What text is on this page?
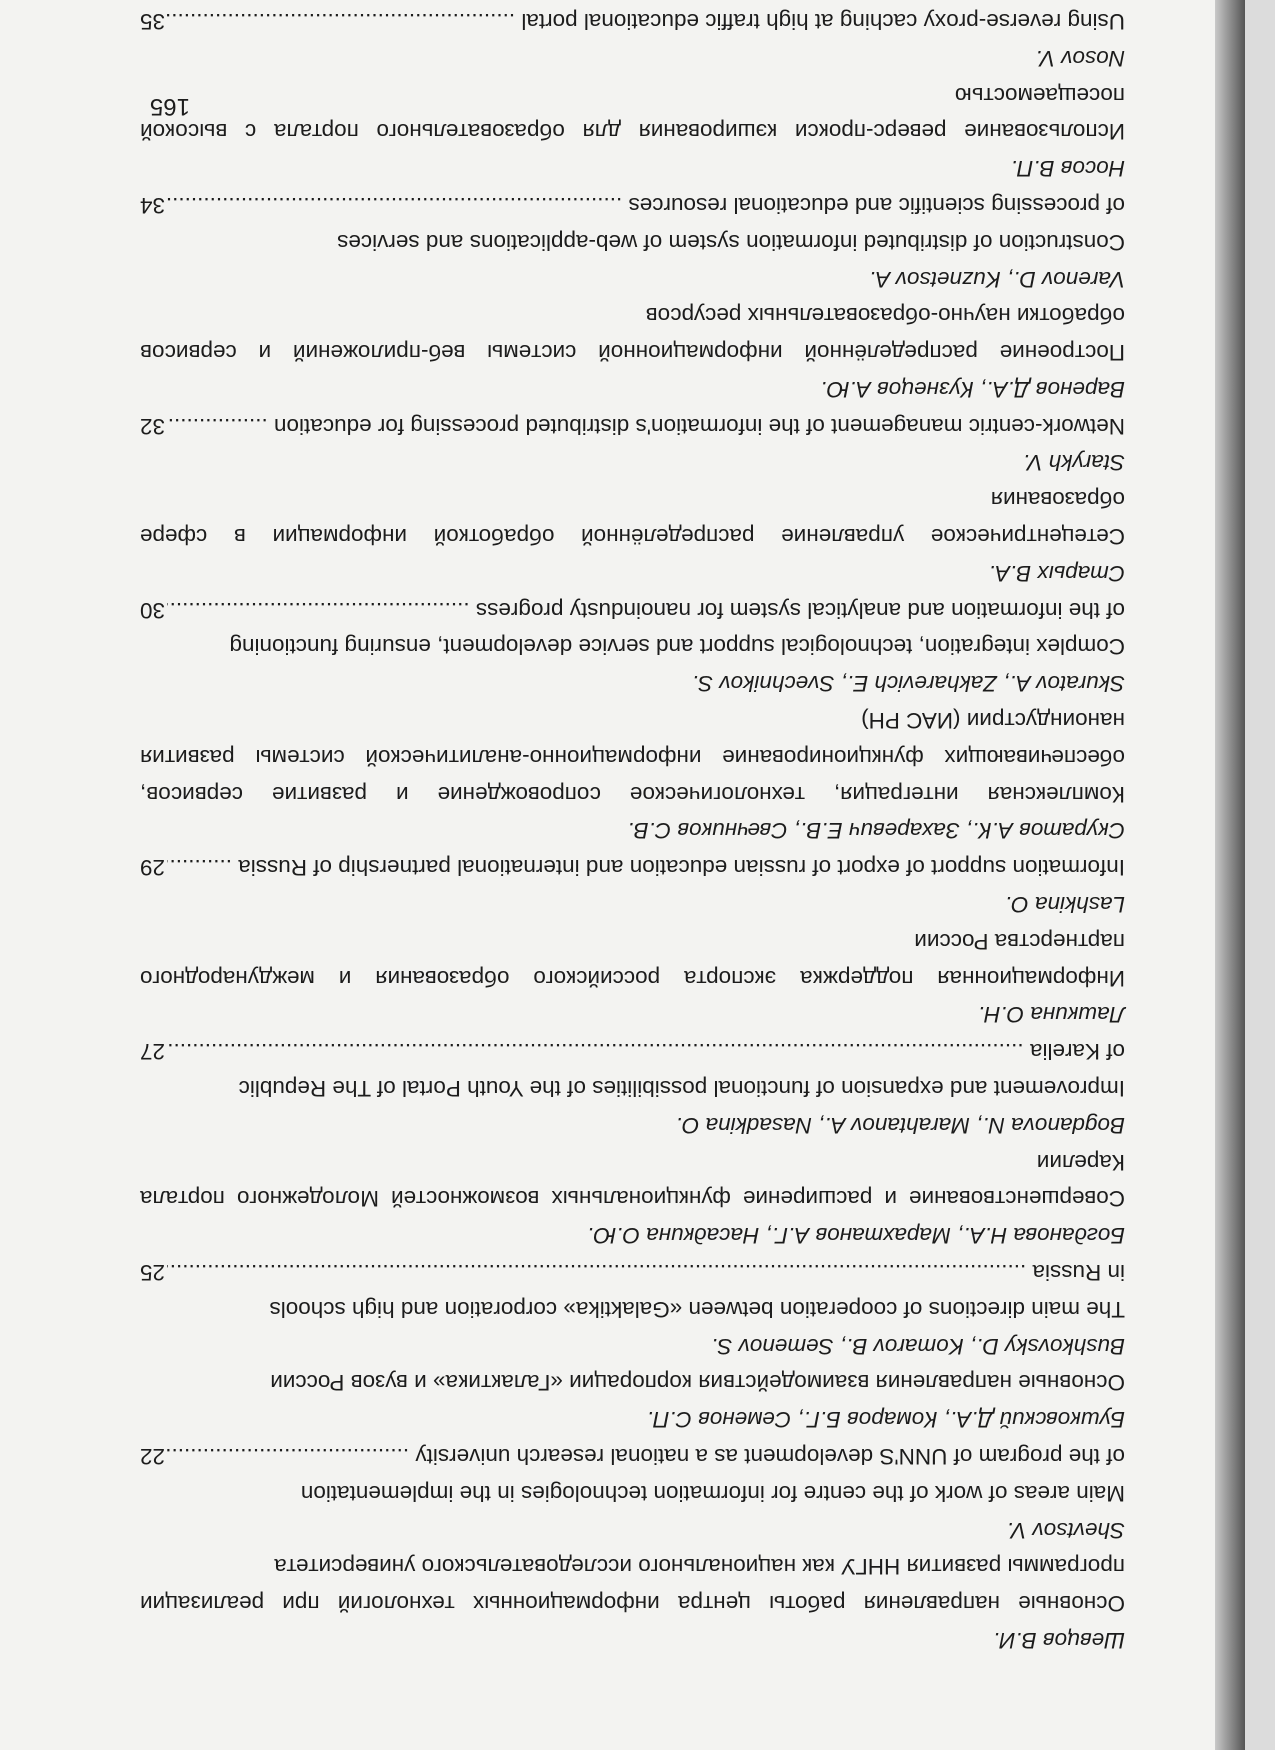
Шевцов В.И.
Основные направления работы центра информационных технологий при реализации программы развития ННГУ как национального исследовательского университета
Shevtsov V.
Main areas of work of the centre for information technologies in the implementation
of the program of UNN'S development as a national research university .....
22
Бушковский Д.А., Комаров Б.Г., Семенов С.П.
Основные направления взаимодействия корпорации «Галактика» и вузов России
Bushkovsky D., Komarov B., Semenov S.
The main directions of cooperation between «Galaktika» corporation and high schools
in Russia .....
25
Богданова Н.А., Марахтанов А.Г., Насадкина О.Ю.
Совершенствование и расширение функциональных возможностей Молодежного портала Карелии
Bogdanova N., Marahtanov A., Nasadkina O.
Improvement and expansion of functional possibilities of the Youth Portal of The Republic
of Karelia .....
27
Лашкина О.Н.
Информационная поддержка экспорта российского образования и международного партнерства России
Lashkina O.
Information support of export of russian education and international partnership of Russia .....
29
Скуратов А.К., Захаревич Е.В., Свечников С.В.
Комплексная интеграция, технологическое сопровождение и развитие сервисов, обеспечивающих функционирование информационно-аналитической системы развития наноиндустрии (ИАС РН)
Skuratov A., Zakharevich E., Svechnikov S.
Complex integration, technological support and service development, ensuring functioning
of the information and analytical system for nanoindusty progress .....
30
Старых В.А.
Сетецентрическое управление распределённой обработкой информации в сфере образования
Starykh V.
Network-centric management of the information's distributed processing for education .....
32
Варенов Д.А., Кузнецов А.Ю.
Построение распределённой информационной системы веб-приложений и сервисов обработки научно-образовательных ресурсов
Varenov D., Kuznetsov A.
Construction of distributed information system of web-applications and services
of processing scientific and educational resources .....
34
Носов В.П.
Использование реверс-прокси кэширования для образовательного портала с высокой посещаемостью
Nosov V.
Using reverse-proxy caching at high traffic educational portal .....
35
165
